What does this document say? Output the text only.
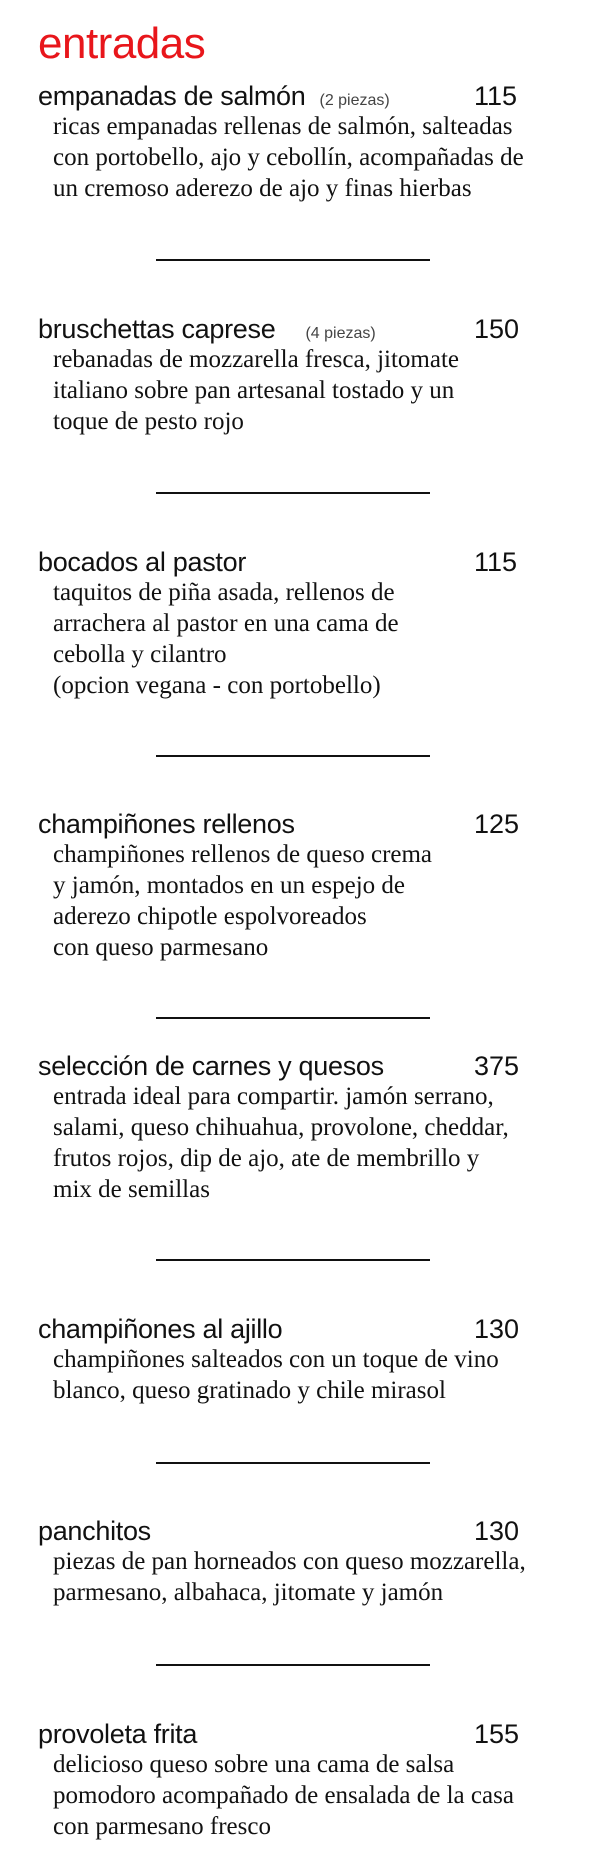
entradas
empanadas de salmón (2 piezas)	115
ricas empanadas rellenas de salmón, salteadas
con portobello, ajo y cebollín, acompañadas de
un cremoso aderezo de ajo y finas hierbas
bruschettas caprese (4 piezas)	150
rebanadas de mozzarella fresca, jitomate
italiano sobre pan artesanal tostado y un
toque de pesto rojo
bocados al pastor	115
taquitos de piña asada, rellenos de
arrachera al pastor en una cama de
cebolla y cilantro
(opcion vegana - con portobello)
champiñones rellenos	125
champiñones rellenos de queso crema
y jamón, montados en un espejo de
aderezo chipotle espolvoreados
con queso parmesano
selección de carnes y quesos	375
entrada ideal para compartir. jamón serrano,
salami, queso chihuahua, provolone, cheddar,
frutos rojos, dip de ajo, ate de membrillo y
mix de semillas
champiñones al ajillo	130
champiñones salteados con un toque de vino
blanco, queso gratinado y chile mirasol
panchitos	130
piezas de pan horneados con queso mozzarella,
parmesano, albahaca, jitomate y jamón
provoleta frita	155
delicioso queso sobre una cama de salsa
pomodoro acompañado de ensalada de la casa
con parmesano fresco
